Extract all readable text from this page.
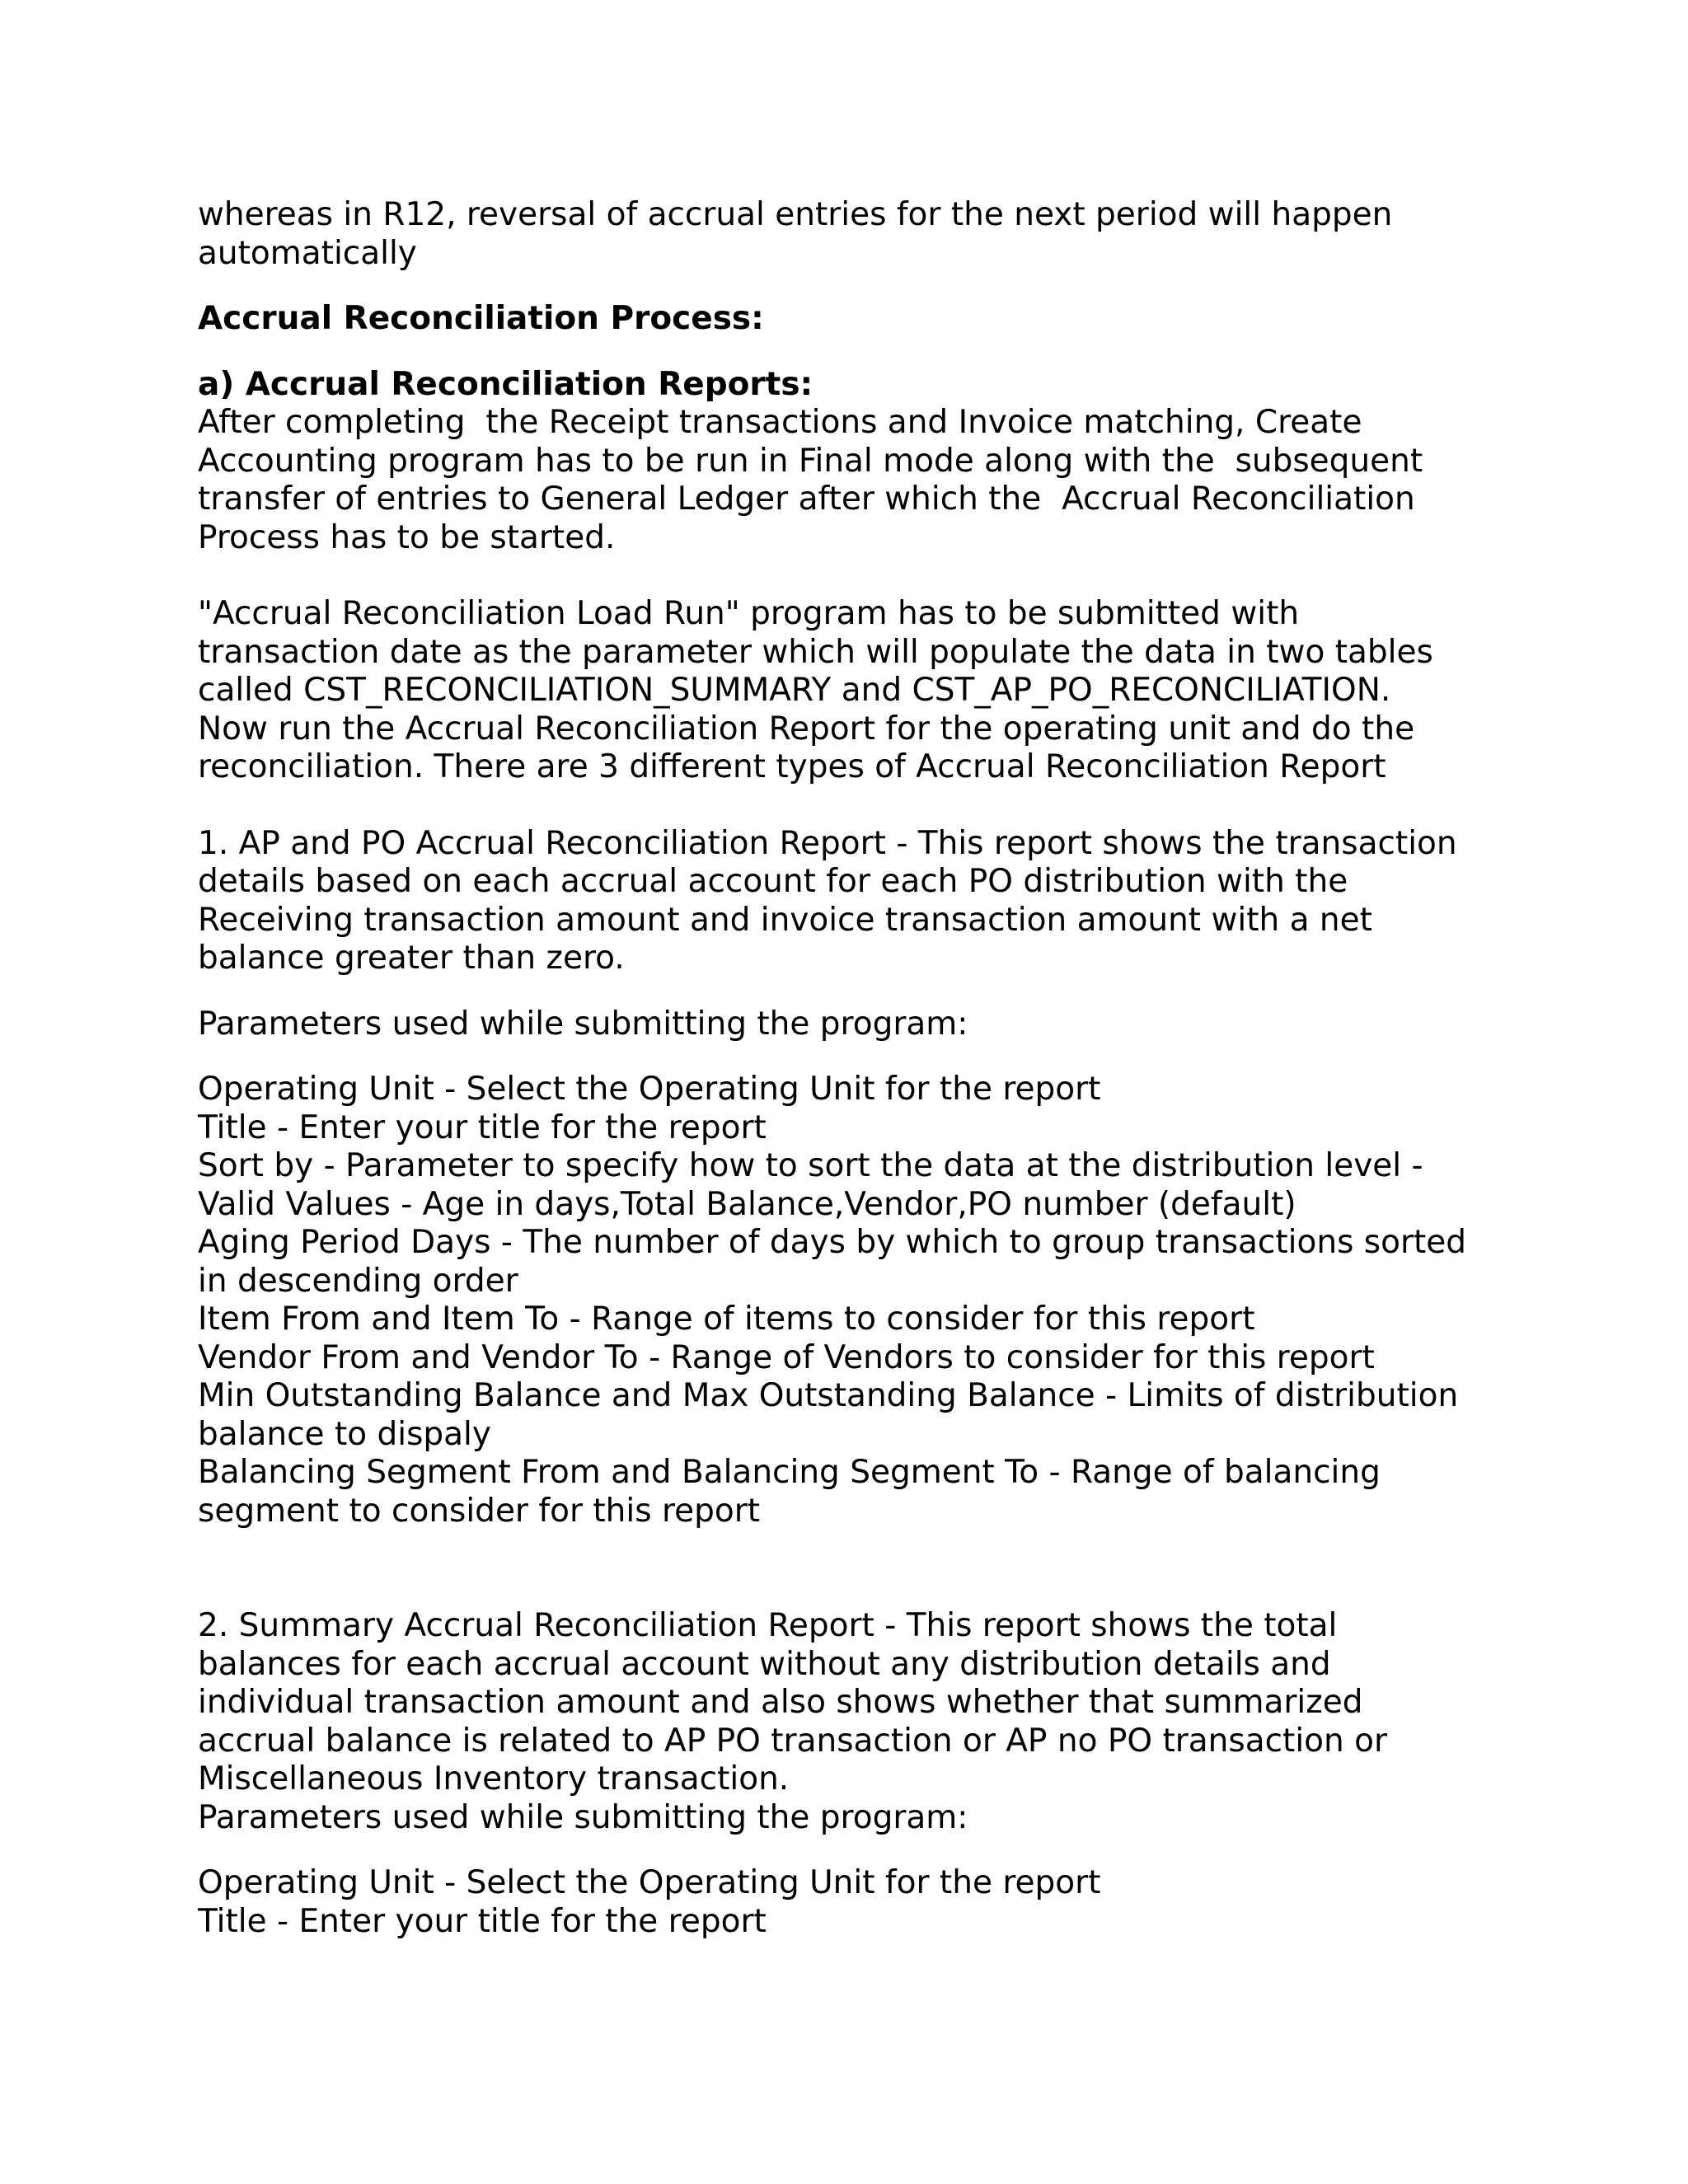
whereas in R12, reversal of accrual entries for the next period will happen
automatically
Accrual Reconciliation Process:
a) Accrual Reconciliation Reports:
After completing  the Receipt transactions and Invoice matching, Create
Accounting program has to be run in Final mode along with the  subsequent
transfer of entries to General Ledger after which the  Accrual Reconciliation
Process has to be started.
"Accrual Reconciliation Load Run" program has to be submitted with
transaction date as the parameter which will populate the data in two tables
called CST_RECONCILIATION_SUMMARY and CST_AP_PO_RECONCILIATION.
Now run the Accrual Reconciliation Report for the operating unit and do the
reconciliation. There are 3 different types of Accrual Reconciliation Report
1. AP and PO Accrual Reconciliation Report - This report shows the transaction
details based on each accrual account for each PO distribution with the
Receiving transaction amount and invoice transaction amount with a net
balance greater than zero.
Parameters used while submitting the program:
Operating Unit - Select the Operating Unit for the report
Title - Enter your title for the report
Sort by - Parameter to specify how to sort the data at the distribution level -
Valid Values - Age in days,Total Balance,Vendor,PO number (default)
Aging Period Days - The number of days by which to group transactions sorted
in descending order
Item From and Item To - Range of items to consider for this report
Vendor From and Vendor To - Range of Vendors to consider for this report
Min Outstanding Balance and Max Outstanding Balance - Limits of distribution
balance to dispaly
Balancing Segment From and Balancing Segment To - Range of balancing
segment to consider for this report
2. Summary Accrual Reconciliation Report - This report shows the total
balances for each accrual account without any distribution details and
individual transaction amount and also shows whether that summarized
accrual balance is related to AP PO transaction or AP no PO transaction or
Miscellaneous Inventory transaction.
Parameters used while submitting the program:
Operating Unit - Select the Operating Unit for the report
Title - Enter your title for the report
